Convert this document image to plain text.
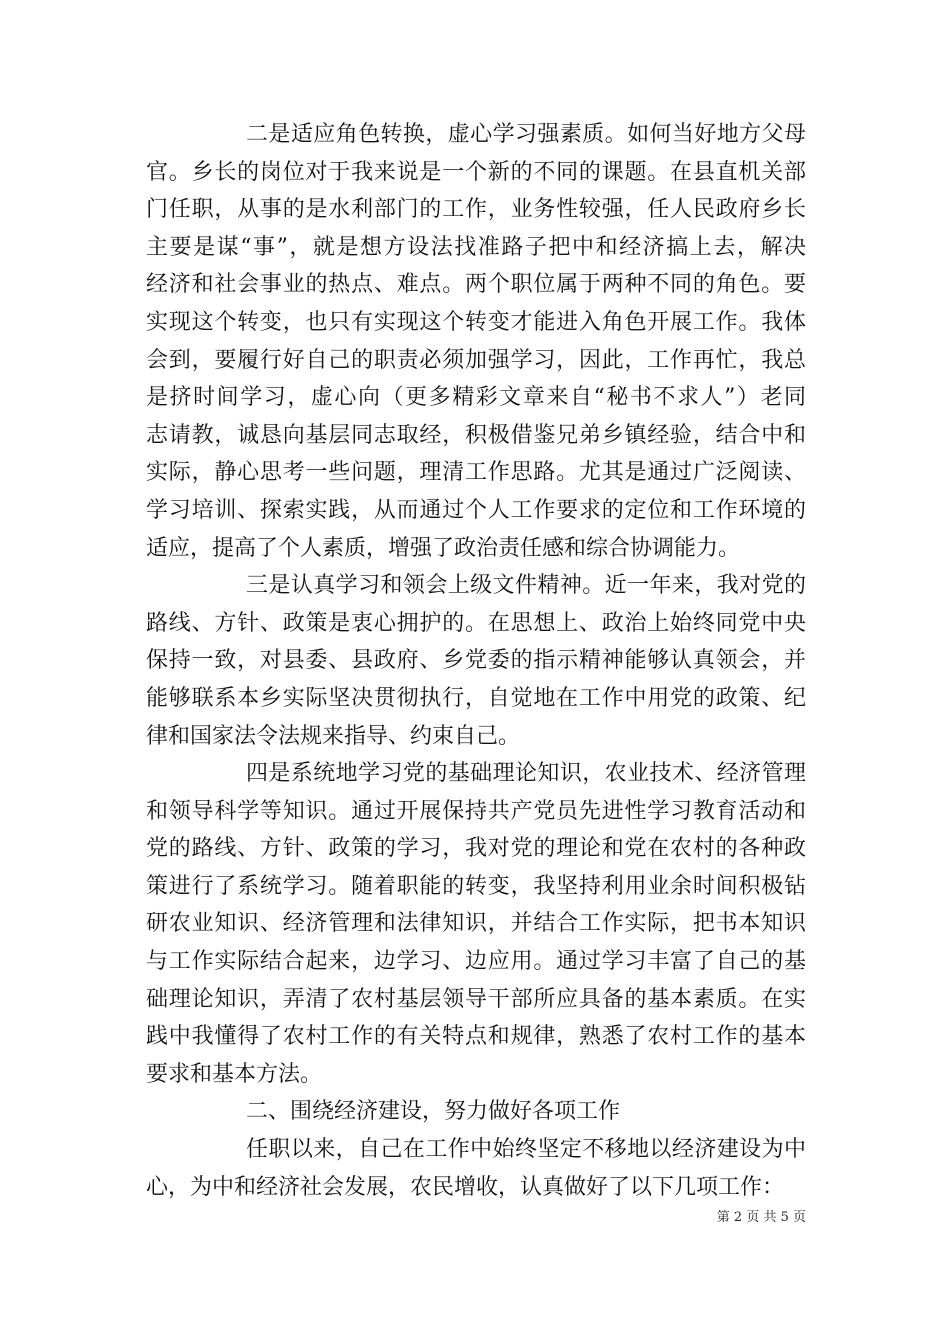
二是适应角色转换，虚心学习强素质。如何当好地方父母
官。乡长的岗位对于我来说是一个新的不同的课题。在县直机关部
门任职，从事的是水利部门的工作，业务性较强，任人民政府乡长
主要是谋“事”，就是想方设法找准路子把中和经济搞上去，解决
经济和社会事业的热点、难点。两个职位属于两种不同的角色。要
实现这个转变，也只有实现这个转变才能进入角色开展工作。我体
会到，要履行好自己的职责必须加强学习，因此，工作再忙，我总
是挤时间学习，虚心向（更多精彩文章来自“秘书不求人”）老同
志请教，诚恳向基层同志取经，积极借鉴兄弟乡镇经验，结合中和
实际，静心思考一些问题，理清工作思路。尤其是通过广泛阅读、
学习培训、探索实践，从而通过个人工作要求的定位和工作环境的
适应，提高了个人素质，增强了政治责任感和综合协调能力。
三是认真学习和领会上级文件精神。近一年来，我对党的
路线、方针、政策是衷心拥护的。在思想上、政治上始终同党中央
保持一致，对县委、县政府、乡党委的指示精神能够认真领会，并
能够联系本乡实际坚决贯彻执行，自觉地在工作中用党的政策、纪
律和国家法令法规来指导、约束自己。
四是系统地学习党的基础理论知识，农业技术、经济管理
和领导科学等知识。通过开展保持共产党员先进性学习教育活动和
党的路线、方针、政策的学习，我对党的理论和党在农村的各种政
策进行了系统学习。随着职能的转变，我坚持利用业余时间积极钻
研农业知识、经济管理和法律知识，并结合工作实际，把书本知识
与工作实际结合起来，边学习、边应用。通过学习丰富了自己的基
础理论知识，弄清了农村基层领导干部所应具备的基本素质。在实
践中我懂得了农村工作的有关特点和规律，熟悉了农村工作的基本
要求和基本方法。
二、围绕经济建设，努力做好各项工作
任职以来，自己在工作中始终坚定不移地以经济建设为中
心，为中和经济社会发展，农民增收，认真做好了以下几项工作：
第 2 页 共 5 页
